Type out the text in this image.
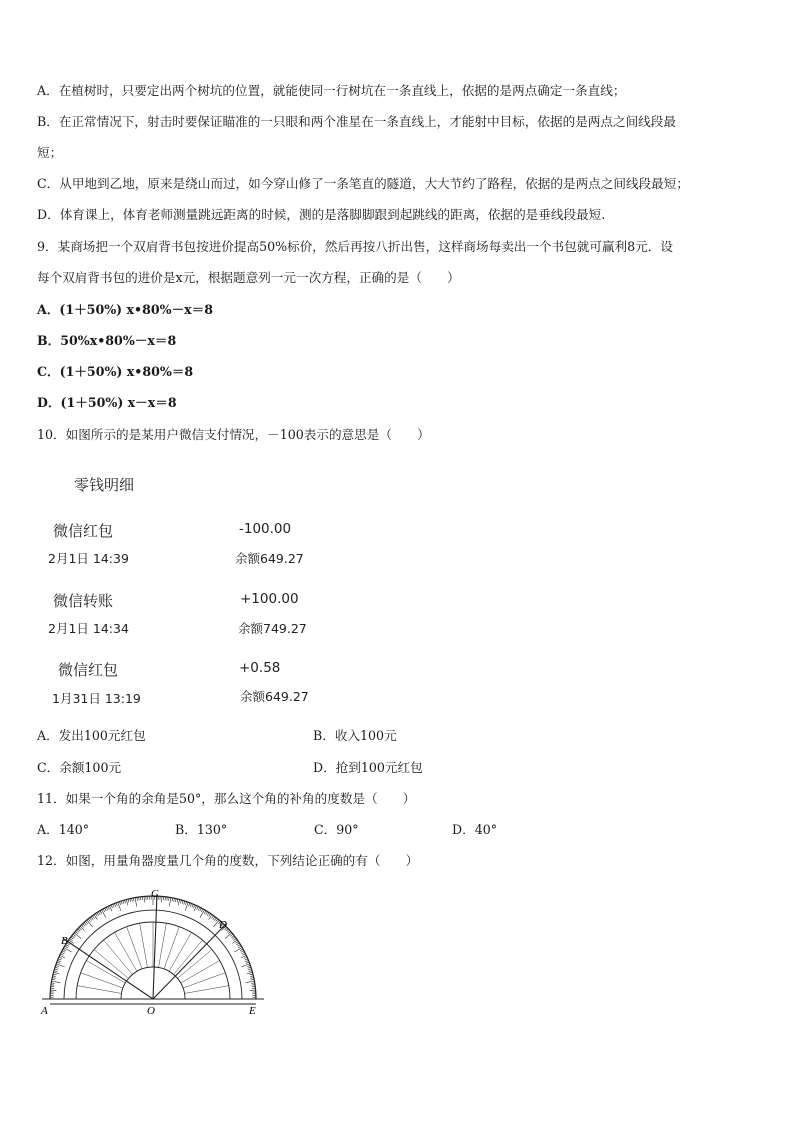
A．在植树时，只要定出两个树坑的位置，就能使同一行树坑在一条直线上，依据的是两点确定一条直线；
B．在正常情况下，射击时要保证瞄准的一只眼和两个准星在一条直线上，才能射中目标，依据的是两点之间线段最
短；
C．从甲地到乙地，原来是绕山而过，如今穿山修了一条笔直的隧道，大大节约了路程，依据的是两点之间线段最短；
D．体育课上，体育老师测量跳远距离的时候，测的是落脚脚跟到起跳线的距离，依据的是垂线段最短.
9．某商场把一个双肩背书包按进价提高50%标价，然后再按八折出售，这样商场每卖出一个书包就可赢利8元．设
每个双肩背书包的进价是x元，根据题意列一元一次方程，正确的是（　　）
A．(1＋50%) x•80%－x＝8
B．50%x•80%－x＝8
C．(1＋50%) x•80%＝8
D．(1＋50%) x－x＝8
10．如图所示的是某用户微信支付情况，－100表示的意思是（　　）
零钱明细
微信红包	-100.00
2月1日 14:39	余额649.27
微信转账	+100.00
2月1日 14:34	余额749.27
微信红包	+0.58
1月31日 13:19	余额649.27
A．发出100元红包	B．收入100元
C．余额100元	D．抢到100元红包
11．如果一个角的余角是50°，那么这个角的补角的度数是（　　）
A．140°	B．130°	C．90°	D．40°
12．如图，用量角器度量几个角的度数，下列结论正确的有（　　）
A
B
C
D
O	E
